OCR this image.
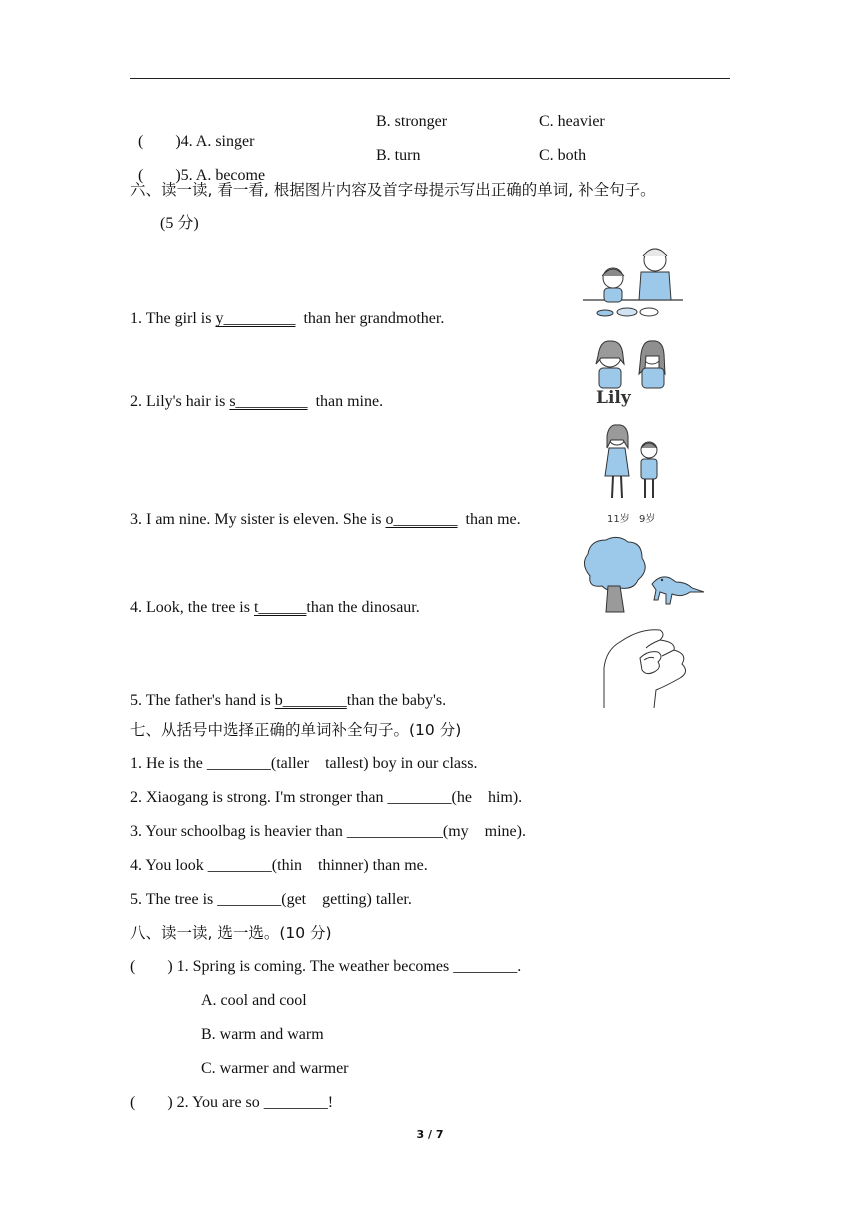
(        )4. A. singer

B. stronger	C. heavier

(        )5. A. become

B. turn	C. both
六、读一读, 看一看, 根据图片内容及首字母提示写出正确的单词, 补全句子。
(5 分)
1. The girl is y_________  than her grandmother.
2. Lily's hair is s_________  than mine.
3. I am nine. My sister is eleven. She is o________  than me.
4. Look, the tree is t______than the dinosaur.
5. The father's hand is b________than the baby's.
Lily
11岁 9岁
七、从括号中选择正确的单词补全句子。(10 分)
1. He is the ________(taller    tallest) boy in our class.
2. Xiaogang is strong. I'm stronger than ________(he    him).
3. Your schoolbag is heavier than ____________(my    mine).
4. You look ________(thin    thinner) than me.
5. The tree is ________(get    getting) taller.
八、读一读, 选一选。(10 分)
(        ) 1. Spring is coming. The weather becomes ________.
A. cool and cool
B. warm and warm
C. warmer and warmer
(        ) 2. You are so ________!
3 / 7
